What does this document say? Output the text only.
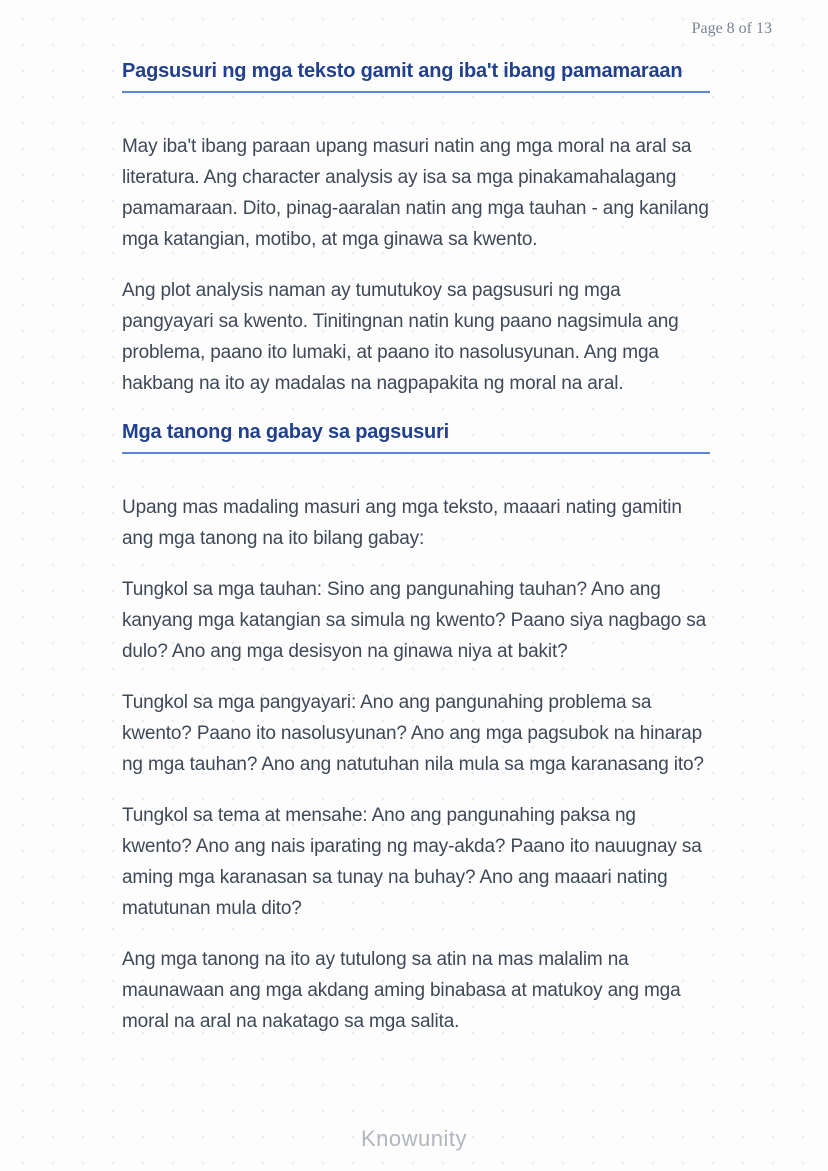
Page 8 of 13
Pagsusuri ng mga teksto gamit ang iba't ibang pamamaraan

May iba't ibang paraan upang masuri natin ang mga moral na aral sa literatura. Ang character analysis ay isa sa mga pinakamahalagang pamamaraan. Dito, pinag-aaralan natin ang mga tauhan - ang kanilang mga katangian, motibo, at mga ginawa sa kwento.

Ang plot analysis naman ay tumutukoy sa pagsusuri ng mga pangyayari sa kwento. Tinitingnan natin kung paano nagsimula ang problema, paano ito lumaki, at paano ito nasolusyunan. Ang mga hakbang na ito ay madalas na nagpapakita ng moral na aral.

Mga tanong na gabay sa pagsusuri

Upang mas madaling masuri ang mga teksto, maaari nating gamitin ang mga tanong na ito bilang gabay:

Tungkol sa mga tauhan: Sino ang pangunahing tauhan? Ano ang kanyang mga katangian sa simula ng kwento? Paano siya nagbago sa dulo? Ano ang mga desisyon na ginawa niya at bakit?

Tungkol sa mga pangyayari: Ano ang pangunahing problema sa kwento? Paano ito nasolusyunan? Ano ang mga pagsubok na hinarap ng mga tauhan? Ano ang natutuhan nila mula sa mga karanasang ito?

Tungkol sa tema at mensahe: Ano ang pangunahing paksa ng kwento? Ano ang nais iparating ng may-akda? Paano ito nauugnay sa aming mga karanasan sa tunay na buhay? Ano ang maaari nating matutunan mula dito?

Ang mga tanong na ito ay tutulong sa atin na mas malalim na maunawaan ang mga akdang aming binabasa at matukoy ang mga moral na aral na nakatago sa mga salita.

Knowunity
